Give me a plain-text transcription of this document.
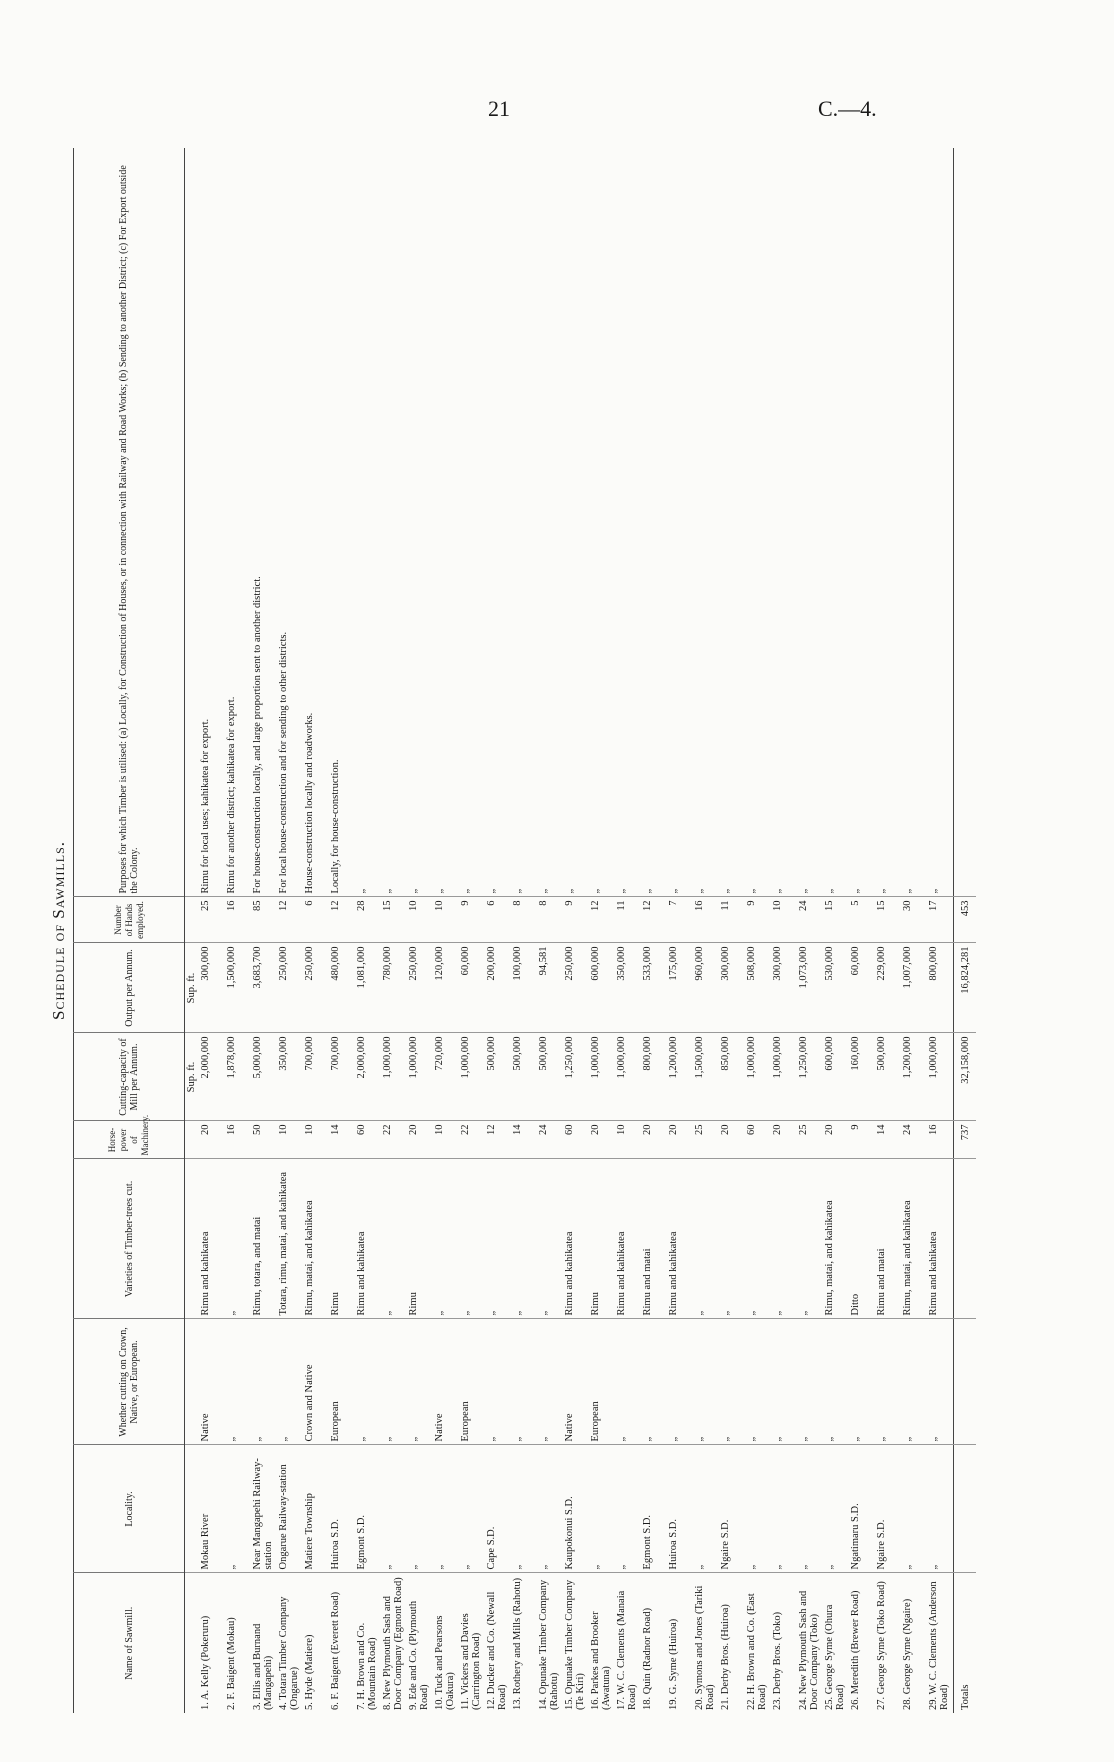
21	C.—4.
Schedule of Sawmills.
Name of Sawmill.	Locality.	Whether cutting on Crown, Native, or European.	Varieties of Timber-trees cut.	Horse-power of Machinery.	Cutting-capacity of Mill per Annum.	Output per Annum.	Number of Hands employed.	Purposes for which Timber is utilised: (a) Locally, for Construction of Houses, or in connection with Railway and Road Works; (b) Sending to another District; (c) For Export outside the Colony.
					Sup. ft.	Sup. ft.		
1. A. Kelly (Pokeruru)	Mokau River	Native	Rimu and kahikatea	20	2,000,000	300,000	25	Rimu for local uses; kahikatea for export.
2. F. Baigent (Mokau)	„	„	„	16	1,878,000	1,500,000	16	Rimu for another district; kahikatea for export.
3. Ellis and Burnand (Mangapehi)	Near Mangapehi Railway-station	„	Rimu, totara, and matai	50	5,000,000	3,683,700	85	For house-construction locally, and large proportion sent to another district.
4. Totara Timber Company (Ongarue)	Ongarue Railway-station	„	Totara, rimu, matai, and kahikatea	10	350,000	250,000	12	For local house-construction and for sending to other districts.
5. Hyde (Matiere)	Matiere Township	Crown and Native	Rimu, matai, and kahikatea	10	700,000	250,000	6	House-construction locally and roadworks.
6. F. Baigent (Everett Road)	Huiroa S.D.	European	Rimu	14	700,000	480,000	12	Locally, for house-construction.
7. H. Brown and Co. (Mountain Road)	Egmont S.D.	„	Rimu and kahikatea	60	2,000,000	1,081,000	28	„
8. New Plymouth Sash and Door Company (Egmont Road)	„	„	„	22	1,000,000	780,000	15	„
9. Ede and Co. (Plymouth Road)	„	„	Rimu	20	1,000,000	250,000	10	„
10. Tuck and Pearsons (Oakura)	„	Native	„	10	720,000	120,000	10	„
11. Vickers and Davies (Carrington Road)	„	European	„	22	1,000,000	60,000	9	„
12. Ducker and Co. (Newall Road)	Cape S.D.	„	„	12	500,000	200,000	6	„
13. Rothery and Mills (Rahotu)	„	„	„	14	500,000	100,000	8	„
14. Opunake Timber Company (Rahotu)	„	„	„	24	500,000	94,581	8	„
15. Opunake Timber Company (Te Kiri)	Kaupokonui S.D.	Native	Rimu and kahikatea	60	1,250,000	250,000	9	„
16. Parkes and Brooker (Awatuna)	„	European	Rimu	20	1,000,000	600,000	12	„
17. W. C. Clements (Manaia Road)	„	„	Rimu and kahikatea	10	1,000,000	350,000	11	„
18. Quin (Radnor Road)	Egmont S.D.	„	Rimu and matai	20	800,000	533,000	12	„
19. G. Syme (Huiroa)	Huiroa S.D.	„	Rimu and kahikatea	20	1,200,000	175,000	7	„
20. Symons and Jones (Tariki Road)	„	„	„	25	1,500,000	960,000	16	„
21. Derby Bros. (Huiroa)	Ngaire S.D.	„	„	20	850,000	300,000	11	„
22. H. Brown and Co. (East Road)	„	„	„	60	1,000,000	508,000	9	„
23. Derby Bros. (Toko)	„	„	„	20	1,000,000	300,000	10	„
24. New Plymouth Sash and Door Company (Toko)	„	„	„	25	1,250,000	1,073,000	24	„
25. George Syme (Ohura Road)	„	„	Rimu, matai, and kahikatea	20	600,000	530,000	15	„
26. Meredith (Brewer Road)	Ngatimaru S.D.	„	Ditto	9	160,000	60,000	5	„
27. George Syme (Toko Road)	Ngaire S.D.	„	Rimu and matai	14	500,000	229,000	15	„
28. George Syme (Ngaire)	„	„	Rimu, matai, and kahikatea	24	1,200,000	1,007,000	30	„
29. W. C. Clements (Anderson Road)	„	„	Rimu and kahikatea	16	1,000,000	800,000	17	„
Totals				737	32,158,000	16,824,281	453	
